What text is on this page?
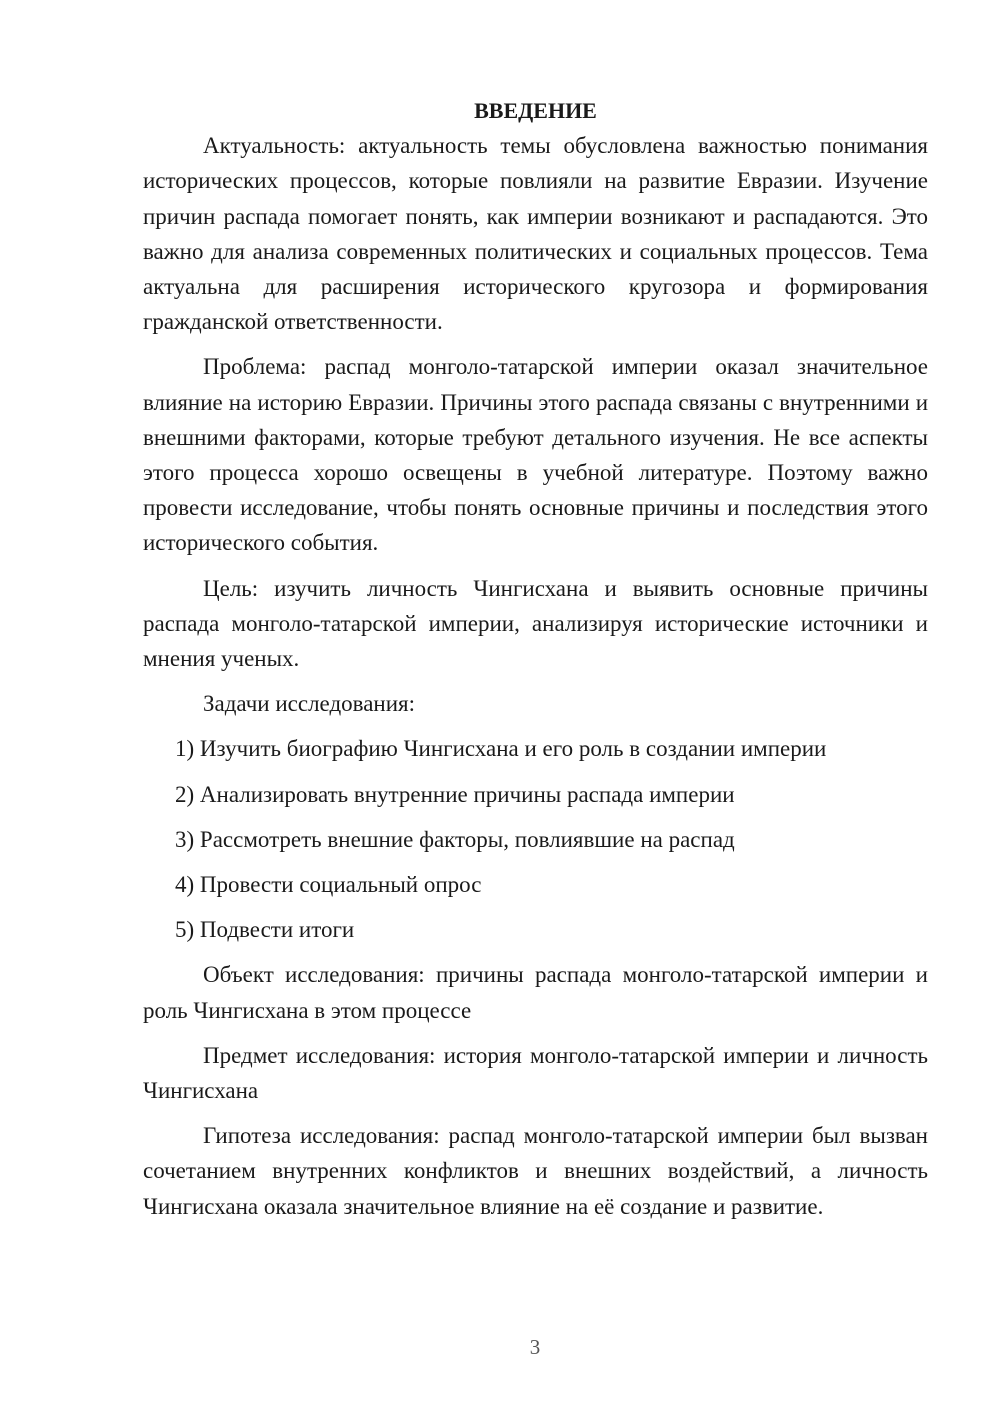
ВВЕДЕНИЕ

Актуальность: актуальность темы обусловлена важностью понимания исторических процессов, которые повлияли на развитие Евразии. Изучение причин распада помогает понять, как империи возникают и распадаются. Это важно для анализа современных политических и социальных процессов. Тема актуальна для расширения исторического кругозора и формирования гражданской ответственности.

Проблема: распад монголо-татарской империи оказал значительное влияние на историю Евразии. Причины этого распада связаны с внутренними и внешними факторами, которые требуют детального изучения. Не все аспекты этого процесса хорошо освещены в учебной литературе. Поэтому важно провести исследование, чтобы понять основные причины и последствия этого исторического события.

Цель: изучить личность Чингисхана и выявить основные причины распада монголо-татарской империи, анализируя исторические источники и мнения ученых.

Задачи исследования:

1) Изучить биографию Чингисхана и его роль в создании империи

2) Анализировать внутренние причины распада империи

3) Рассмотреть внешние факторы, повлиявшие на распад

4) Провести социальный опрос

5) Подвести итоги

Объект исследования: причины распада монголо-татарской империи и роль Чингисхана в этом процессе

Предмет исследования: история монголо-татарской империи и личность Чингисхана

Гипотеза исследования: распад монголо-татарской империи был вызван сочетанием внутренних конфликтов и внешних воздействий, а личность Чингисхана оказала значительное влияние на её создание и развитие.

3
